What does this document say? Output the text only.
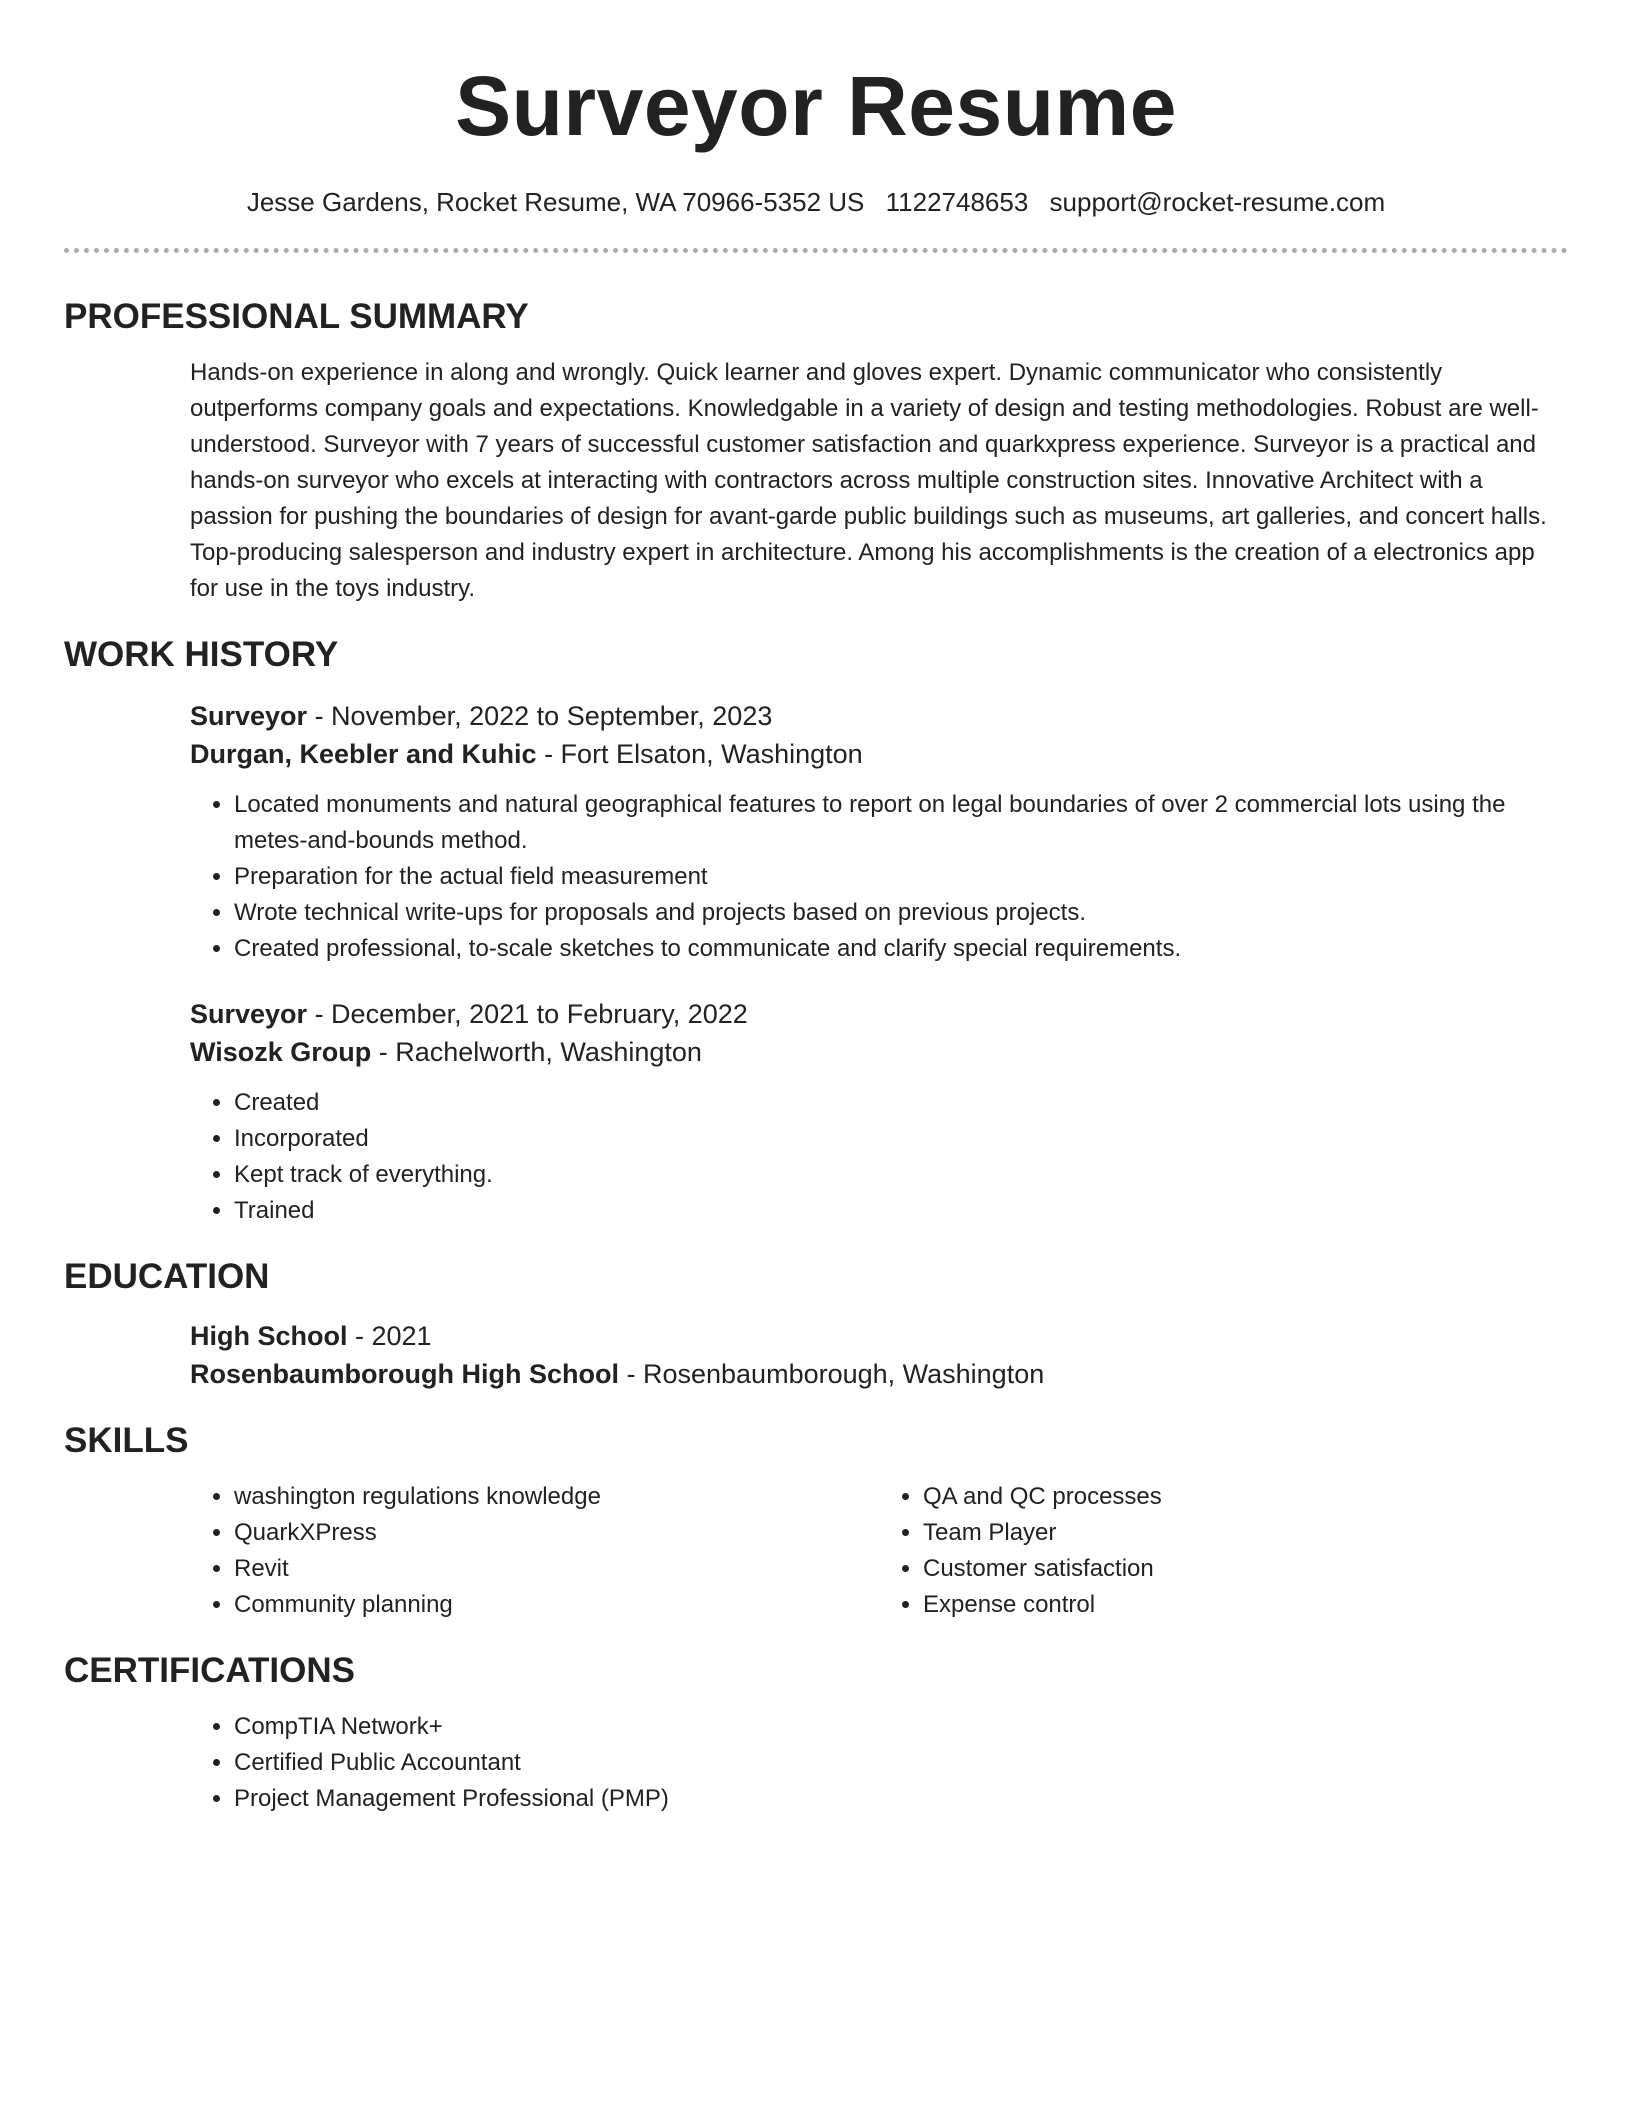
Surveyor Resume
Jesse Gardens, Rocket Resume, WA 70966-5352 US 1122748653 support@rocket-resume.com
PROFESSIONAL SUMMARY

Hands-on experience in along and wrongly. Quick learner and gloves expert. Dynamic communicator who consistently outperforms company goals and expectations. Knowledgable in a variety of design and testing methodologies. Robust are well-understood. Surveyor with 7 years of successful customer satisfaction and quarkxpress experience. Surveyor is a practical and hands-on surveyor who excels at interacting with contractors across multiple construction sites. Innovative Architect with a passion for pushing the boundaries of design for avant-garde public buildings such as museums, art galleries, and concert halls. Top-producing salesperson and industry expert in architecture. Among his accomplishments is the creation of a electronics app for use in the toys industry.

WORK HISTORY
Surveyor - November, 2022 to September, 2023
Durgan, Keebler and Kuhic - Fort Elsaton, Washington
• Located monuments and natural geographical features to report on legal boundaries of over 2 commercial lots using the metes-and-bounds method.
• Preparation for the actual field measurement
• Wrote technical write-ups for proposals and projects based on previous projects.
• Created professional, to-scale sketches to communicate and clarify special requirements.
Surveyor - December, 2021 to February, 2022
Wisozk Group - Rachelworth, Washington
• Created
• Incorporated
• Kept track of everything.
• Trained
EDUCATION
High School - 2021
Rosenbaumborough High School - Rosenbaumborough, Washington
SKILLS
• washington regulations knowledge
• QuarkXPress
• Revit
• Community planning
• QA and QC processes
• Team Player
• Customer satisfaction
• Expense control
CERTIFICATIONS
• CompTIA Network+
• Certified Public Accountant
• Project Management Professional (PMP)
